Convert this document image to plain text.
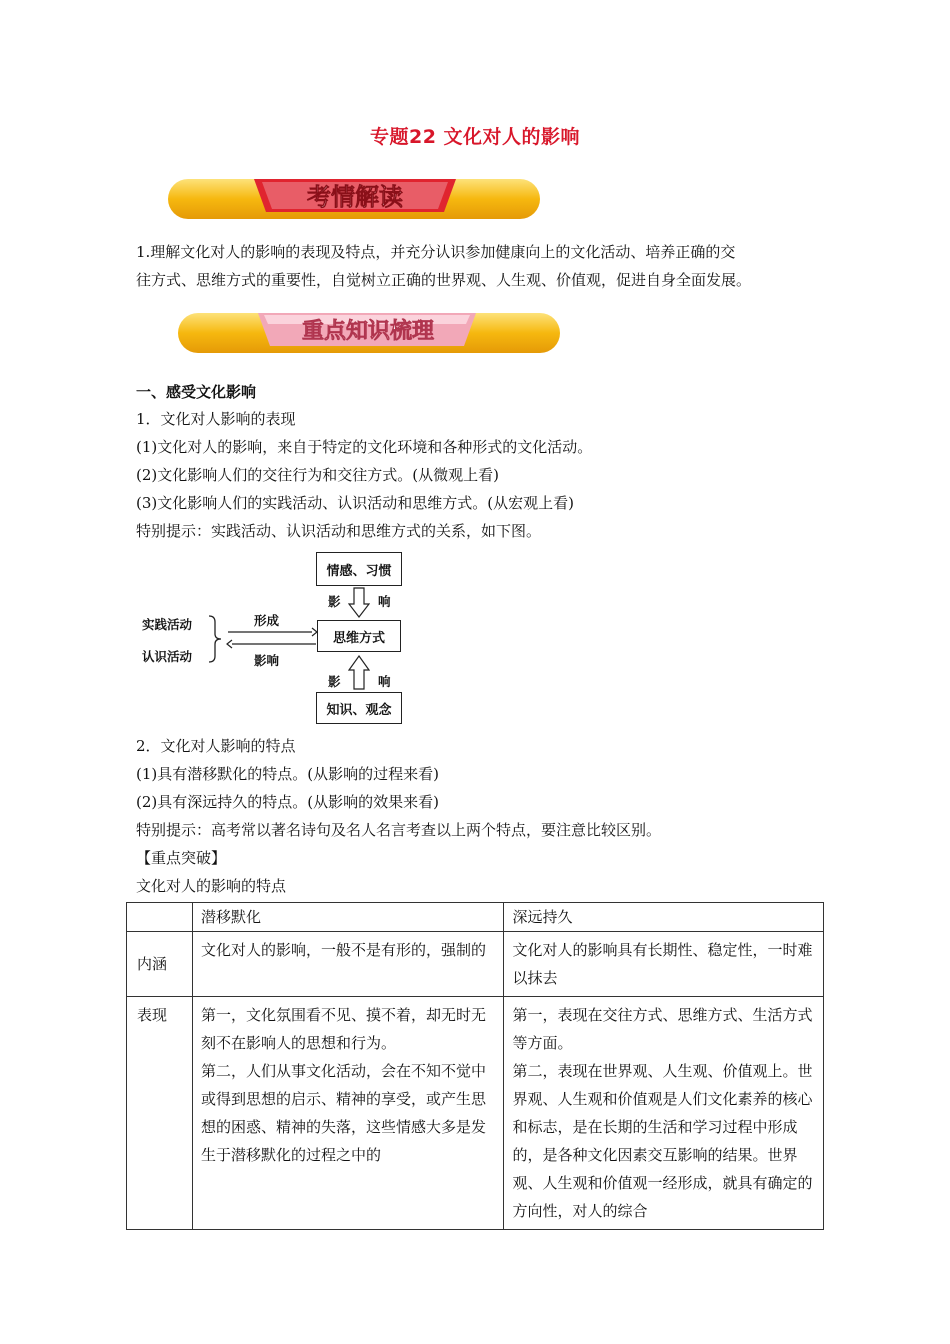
专题22 文化对人的影响
考情解读
1.理解文化对人的影响的表现及特点，并充分认识参加健康向上的文化活动、培养正确的交
往方式、思维方式的重要性，自觉树立正确的世界观、人生观、价值观，促进自身全面发展。
重点知识梳理
一、感受文化影响
1．文化对人影响的表现
(1)文化对人的影响，来自于特定的文化环境和各种形式的文化活动。
(2)文化影响人们的交往行为和交往方式。(从微观上看)
(3)文化影响人们的实践活动、认识活动和思维方式。(从宏观上看)
特别提示：实践活动、认识活动和思维方式的关系，如下图。
情感、习惯
思维方式
知识、观念
影	响
影	响
实践活动
认识活动
形成
影响
2．文化对人影响的特点
(1)具有潜移默化的特点。(从影响的过程来看)
(2)具有深远持久的特点。(从影响的效果来看)
特别提示：高考常以著名诗句及名人名言考查以上两个特点，要注意比较区别。
【重点突破】
文化对人的影响的特点
	潜移默化	深远持久
内涵	文化对人的影响，一般不是有形的，强制的	文化对人的影响具有长期性、稳定性，一时难以抹去
表现	第一，文化氛围看不见、摸不着，却无时无刻不在影响人的思想和行为。
第二，人们从事文化活动，会在不知不觉中或得到思想的启示、精神的享受，或产生思想的困惑、精神的失落，这些情感大多是发生于潜移默化的过程之中的	第一，表现在交往方式、思维方式、生活方式等方面。
第二，表现在世界观、人生观、价值观上。世界观、人生观和价值观是人们文化素养的核心和标志，是在长期的生活和学习过程中形成的，是各种文化因素交互影响的结果。世界观、人生观和价值观一经形成，就具有确定的方向性，对人的综合
